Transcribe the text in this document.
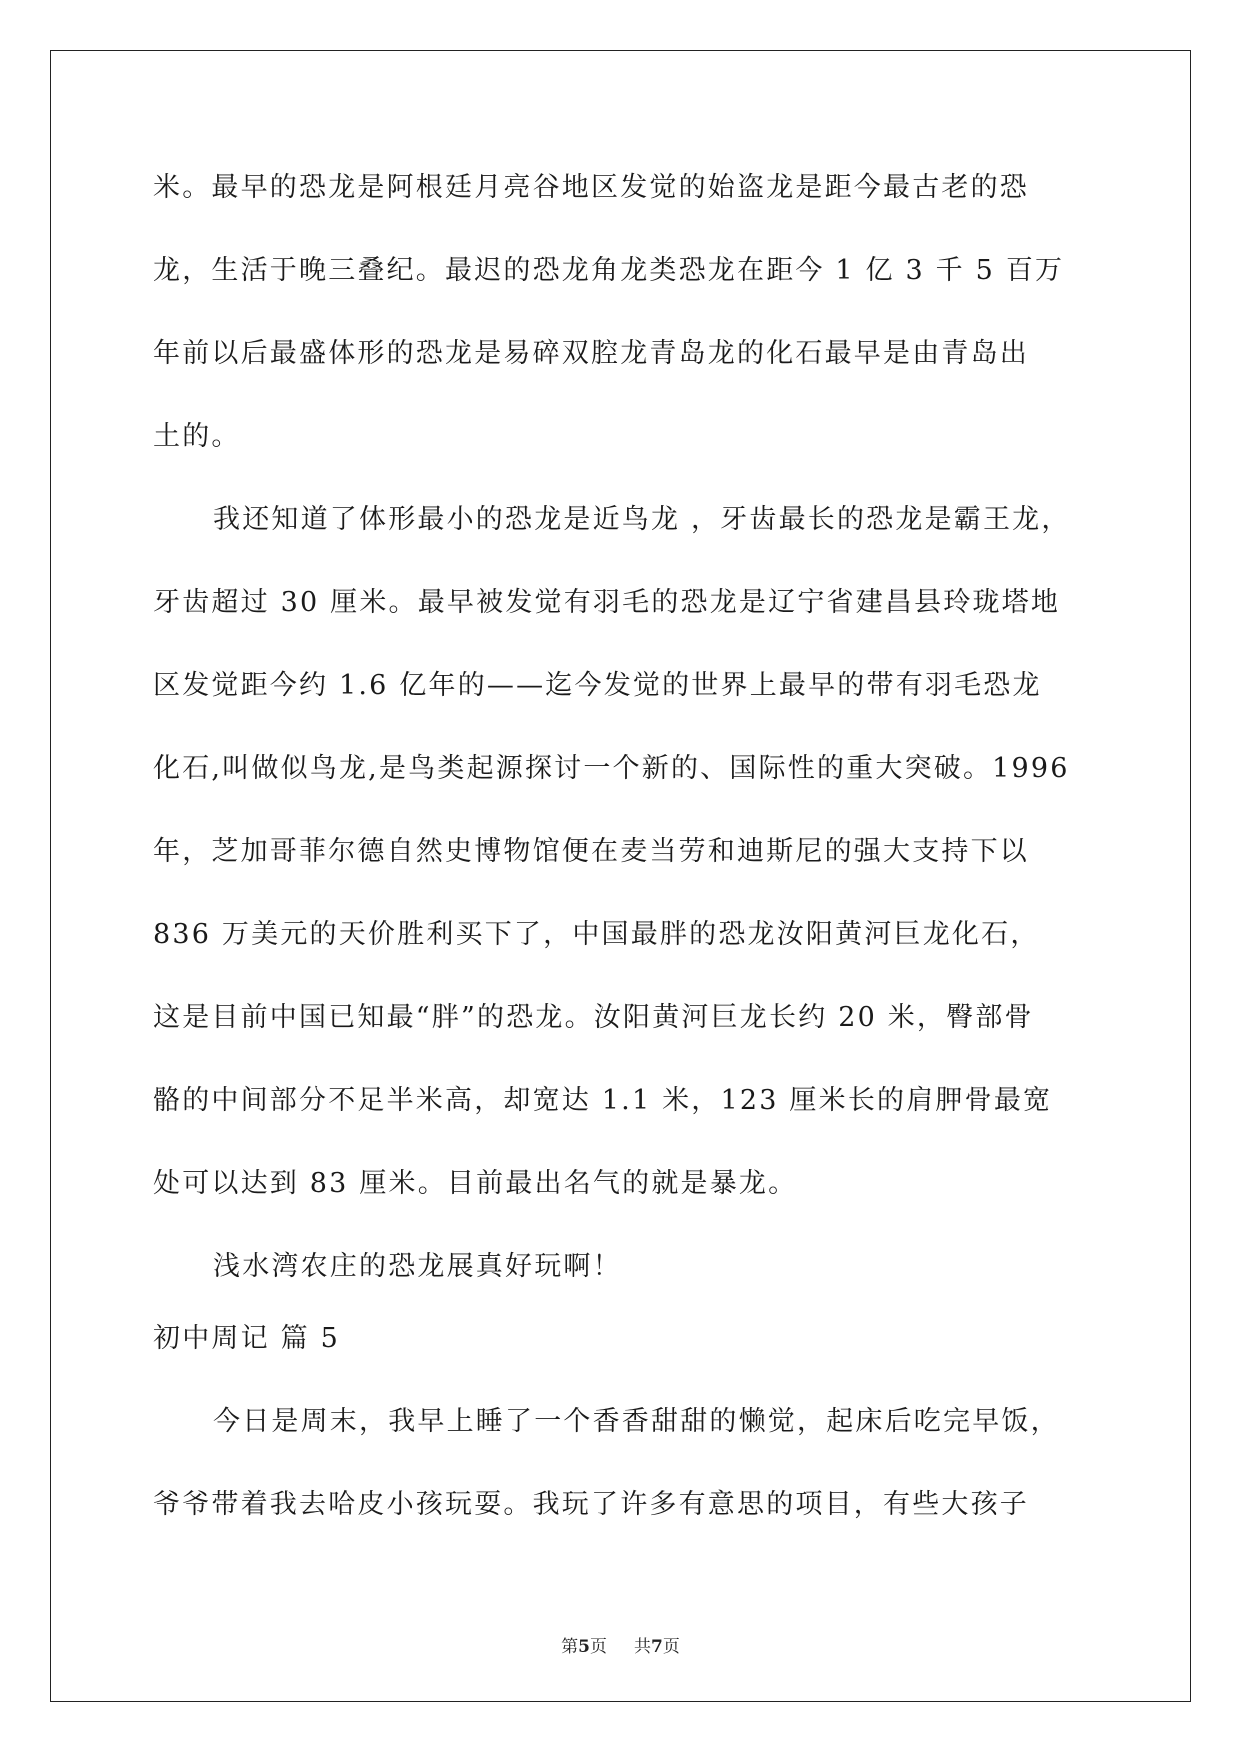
米。最早的恐龙是阿根廷月亮谷地区发觉的始盗龙是距今最古老的恐
龙，生活于晚三叠纪。最迟的恐龙角龙类恐龙在距今 1 亿 3 千 5 百万
年前以后最盛体形的恐龙是易碎双腔龙青岛龙的化石最早是由青岛出
土的。
我还知道了体形最小的恐龙是近鸟龙 ，牙齿最长的恐龙是霸王龙，
牙齿超过 30 厘米。最早被发觉有羽毛的恐龙是辽宁省建昌县玲珑塔地
区发觉距今约 1.6 亿年的——迄今发觉的世界上最早的带有羽毛恐龙
化石,叫做似鸟龙,是鸟类起源探讨一个新的、国际性的重大突破。1996
年，芝加哥菲尔德自然史博物馆便在麦当劳和迪斯尼的强大支持下以
836 万美元的天价胜利买下了，中国最胖的恐龙汝阳黄河巨龙化石，
这是目前中国已知最“胖”的恐龙。汝阳黄河巨龙长约 20 米，臀部骨
骼的中间部分不足半米高，却宽达 1.1 米，123 厘米长的肩胛骨最宽
处可以达到 83 厘米。目前最出名气的就是暴龙。
浅水湾农庄的恐龙展真好玩啊！
初中周记 篇 5
今日是周末，我早上睡了一个香香甜甜的懒觉，起床后吃完早饭，
爷爷带着我去哈皮小孩玩耍。我玩了许多有意思的项目，有些大孩子
第5页 共7页
